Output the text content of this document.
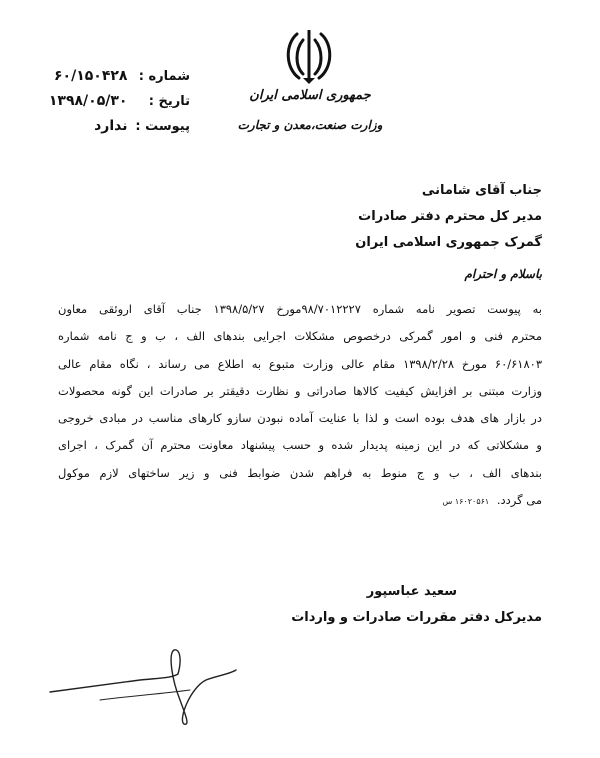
جمهوری اسلامی ایران
وزارت صنعت،معدن و تجارت
شماره : ۶۰/۱۵۰۴۲۸
تاریخ : ۱۳۹۸/۰۵/۳۰
پیوست : ندارد
جناب آقای شامانی
مدیر کل محترم دفتر صادرات
گمرک جمهوری اسلامی ایران
باسلام و احترام
به پیوست تصویر نامه شماره ۹۸/۷۰۱۲۲۲۷مورخ ۱۳۹۸/۵/۲۷ جناب آقای اروئقی معاون
محترم فنی و امور گمرکی درخصوص مشکلات اجرایی بندهای الف ، ب و ج نامه شماره
۶۰/۶۱۸۰۳ مورخ ۱۳۹۸/۲/۲۸ مقام عالی وزارت متبوع به اطلاع می رساند ، نگاه مقام عالی
وزارت مبتنی بر افزایش کیفیت کالاها صادراتی و نظارت دقیقتر بر صادرات این گونه محصولات
در بازار های هدف بوده است و لذا با عنایت آماده نبودن سازو کارهای مناسب در مبادی خروجی
و مشکلاتی که در این زمینه پدیدار شده و حسب پیشنهاد معاونت محترم آن گمرک ، اجرای
بندهای الف ، ب و ج منوط به فراهم شدن ضوابط فنی و زیر ساختهای لازم موکول
می گردد. ۱۶۰۲۰۵۶۱ س
سعید عباسپور
مدیرکل دفتر مقررات صادرات و واردات
